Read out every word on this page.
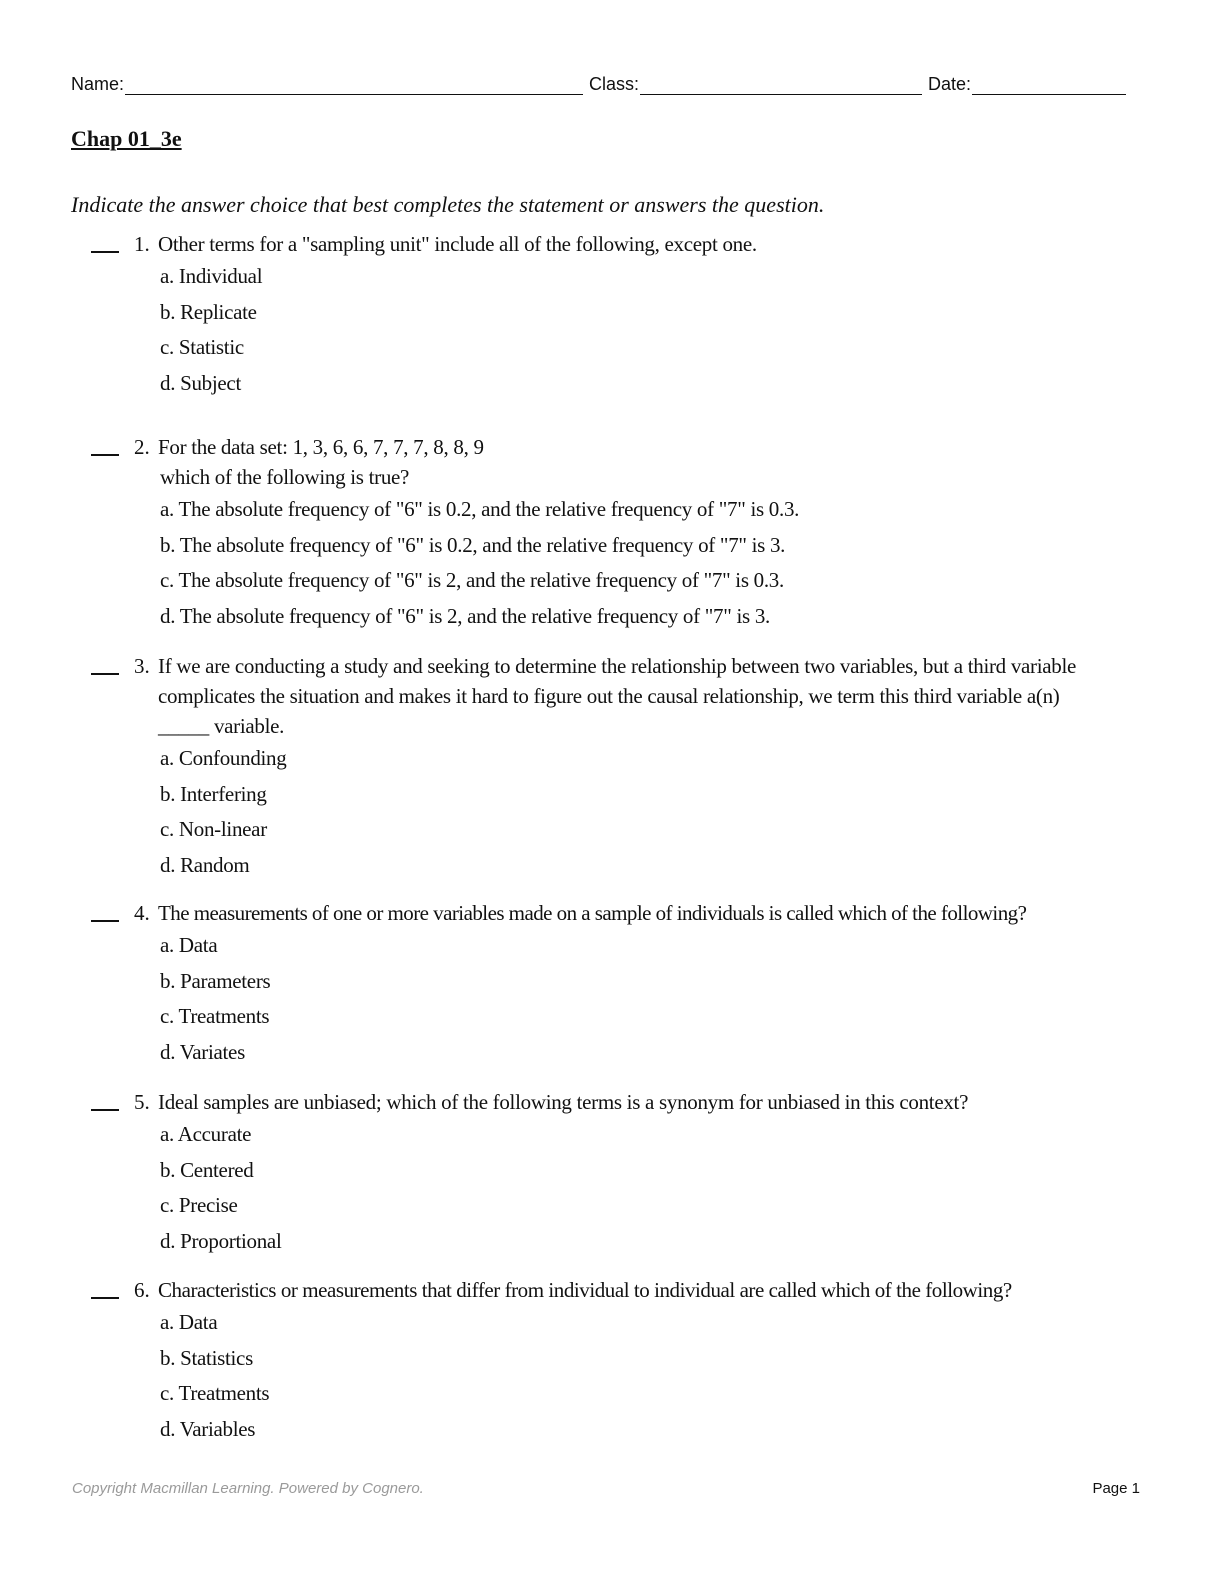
Name:	Class:	Date:
Chap 01_3e
Indicate the answer choice that best completes the statement or answers the question.
1. Other terms for a "sampling unit" include all of the following, except one.
a. Individual
b. Replicate
c. Statistic
d. Subject
2. For the data set: 1, 3, 6, 6, 7, 7, 7, 8, 8, 9
which of the following is true?
a. The absolute frequency of "6" is 0.2, and the relative frequency of "7" is 0.3.
b. The absolute frequency of "6" is 0.2, and the relative frequency of "7" is 3.
c. The absolute frequency of "6" is 2, and the relative frequency of "7" is 0.3.
d. The absolute frequency of "6" is 2, and the relative frequency of "7" is 3.
3. If we are conducting a study and seeking to determine the relationship between two variables, but a third variable complicates the situation and makes it hard to figure out the causal relationship, we term this third variable a(n) _____ variable.
a. Confounding
b. Interfering
c. Non-linear
d. Random
4. The measurements of one or more variables made on a sample of individuals is called which of the following?
a. Data
b. Parameters
c. Treatments
d. Variates
5. Ideal samples are unbiased; which of the following terms is a synonym for unbiased in this context?
a. Accurate
b. Centered
c. Precise
d. Proportional
6. Characteristics or measurements that differ from individual to individual are called which of the following?
a. Data
b. Statistics
c. Treatments
d. Variables
Copyright Macmillan Learning. Powered by Cognero.	Page 1
